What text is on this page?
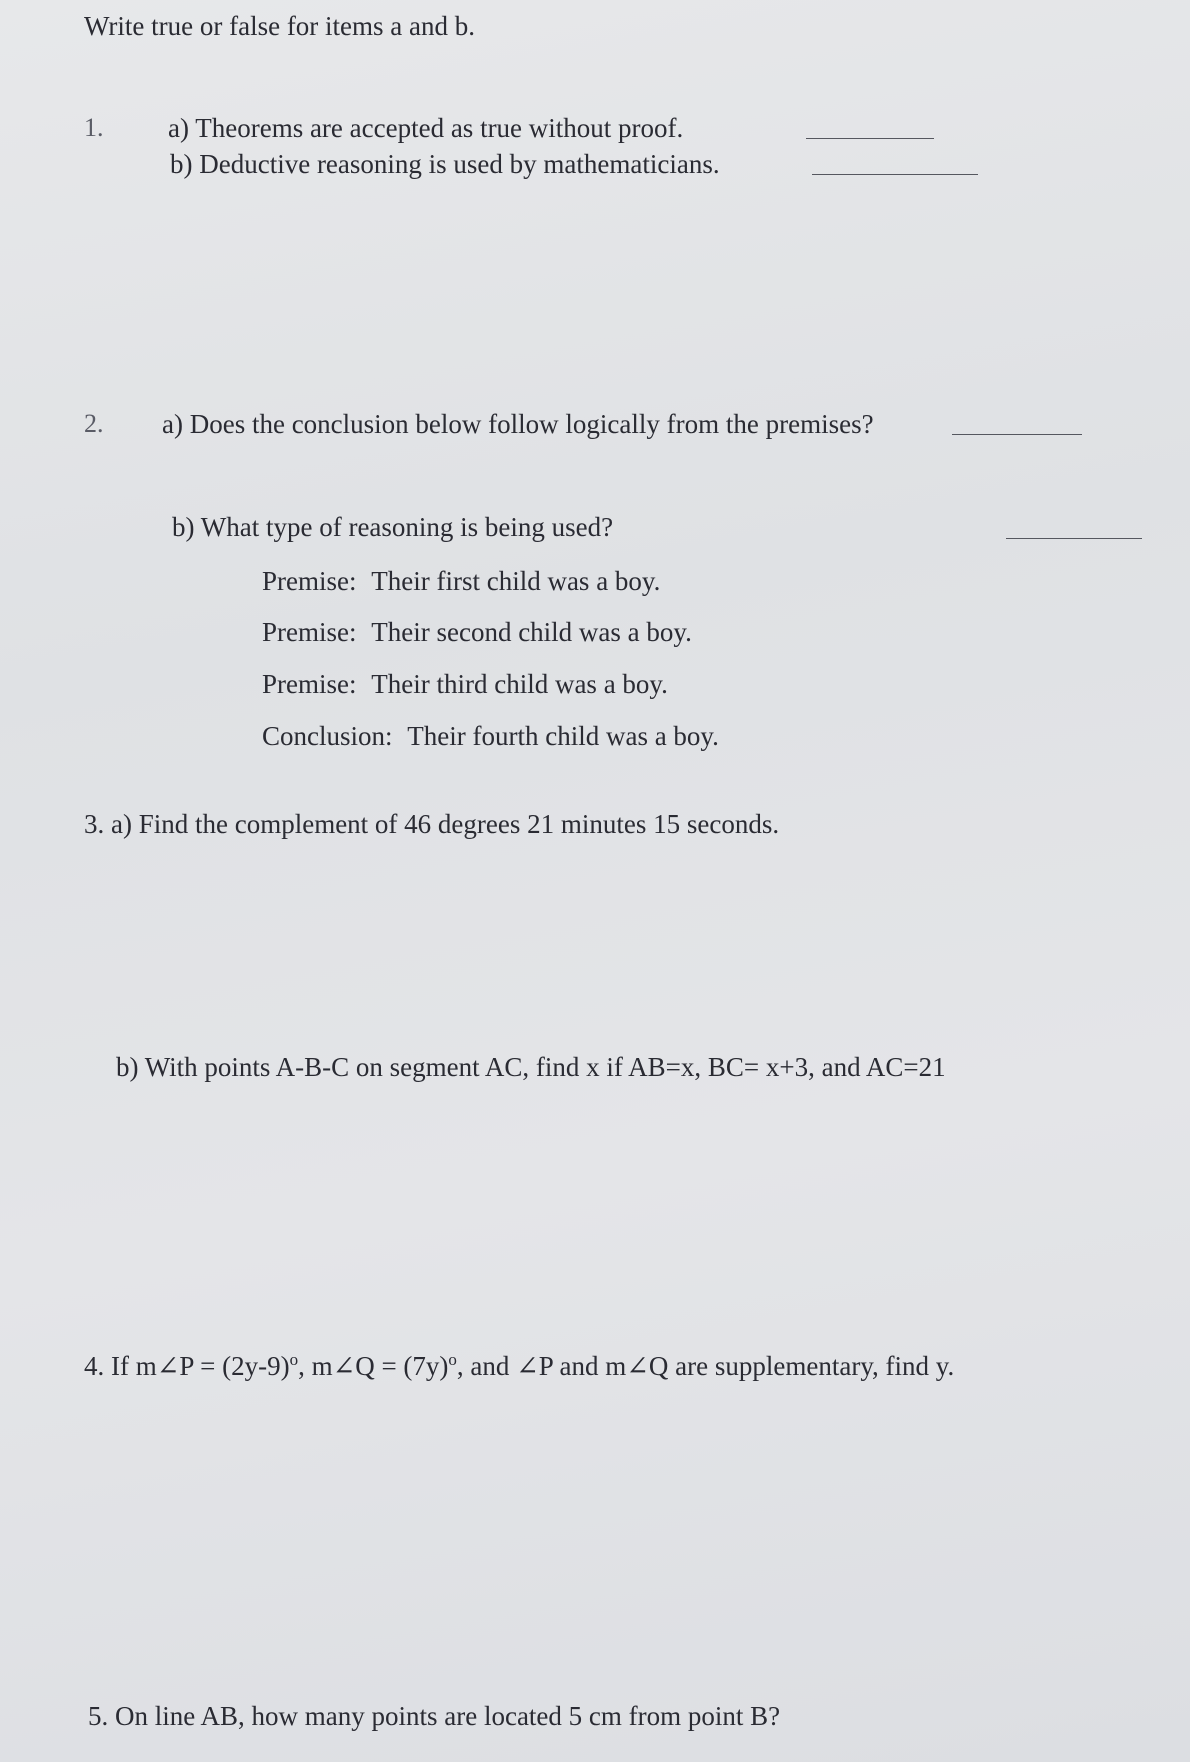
Write true or false for items a and b.
1. a) Theorems are accepted as true without proof.
b) Deductive reasoning is used by mathematicians.
2. a) Does the conclusion below follow logically from the premises?
b) What type of reasoning is being used?
Premise: Their first child was a boy.
Premise: Their second child was a boy.
Premise: Their third child was a boy.
Conclusion: Their fourth child was a boy.
3. a) Find the complement of 46 degrees 21 minutes 15 seconds.
b) With points A-B-C on segment AC, find x if AB=x, BC= x+3, and AC=21
4. If m∠P = $(2y-9)^o$, m∠Q = $(7y)^o$, and ∠P and m∠Q are supplementary, find y.
5. On line AB, how many points are located 5 cm from point B?
